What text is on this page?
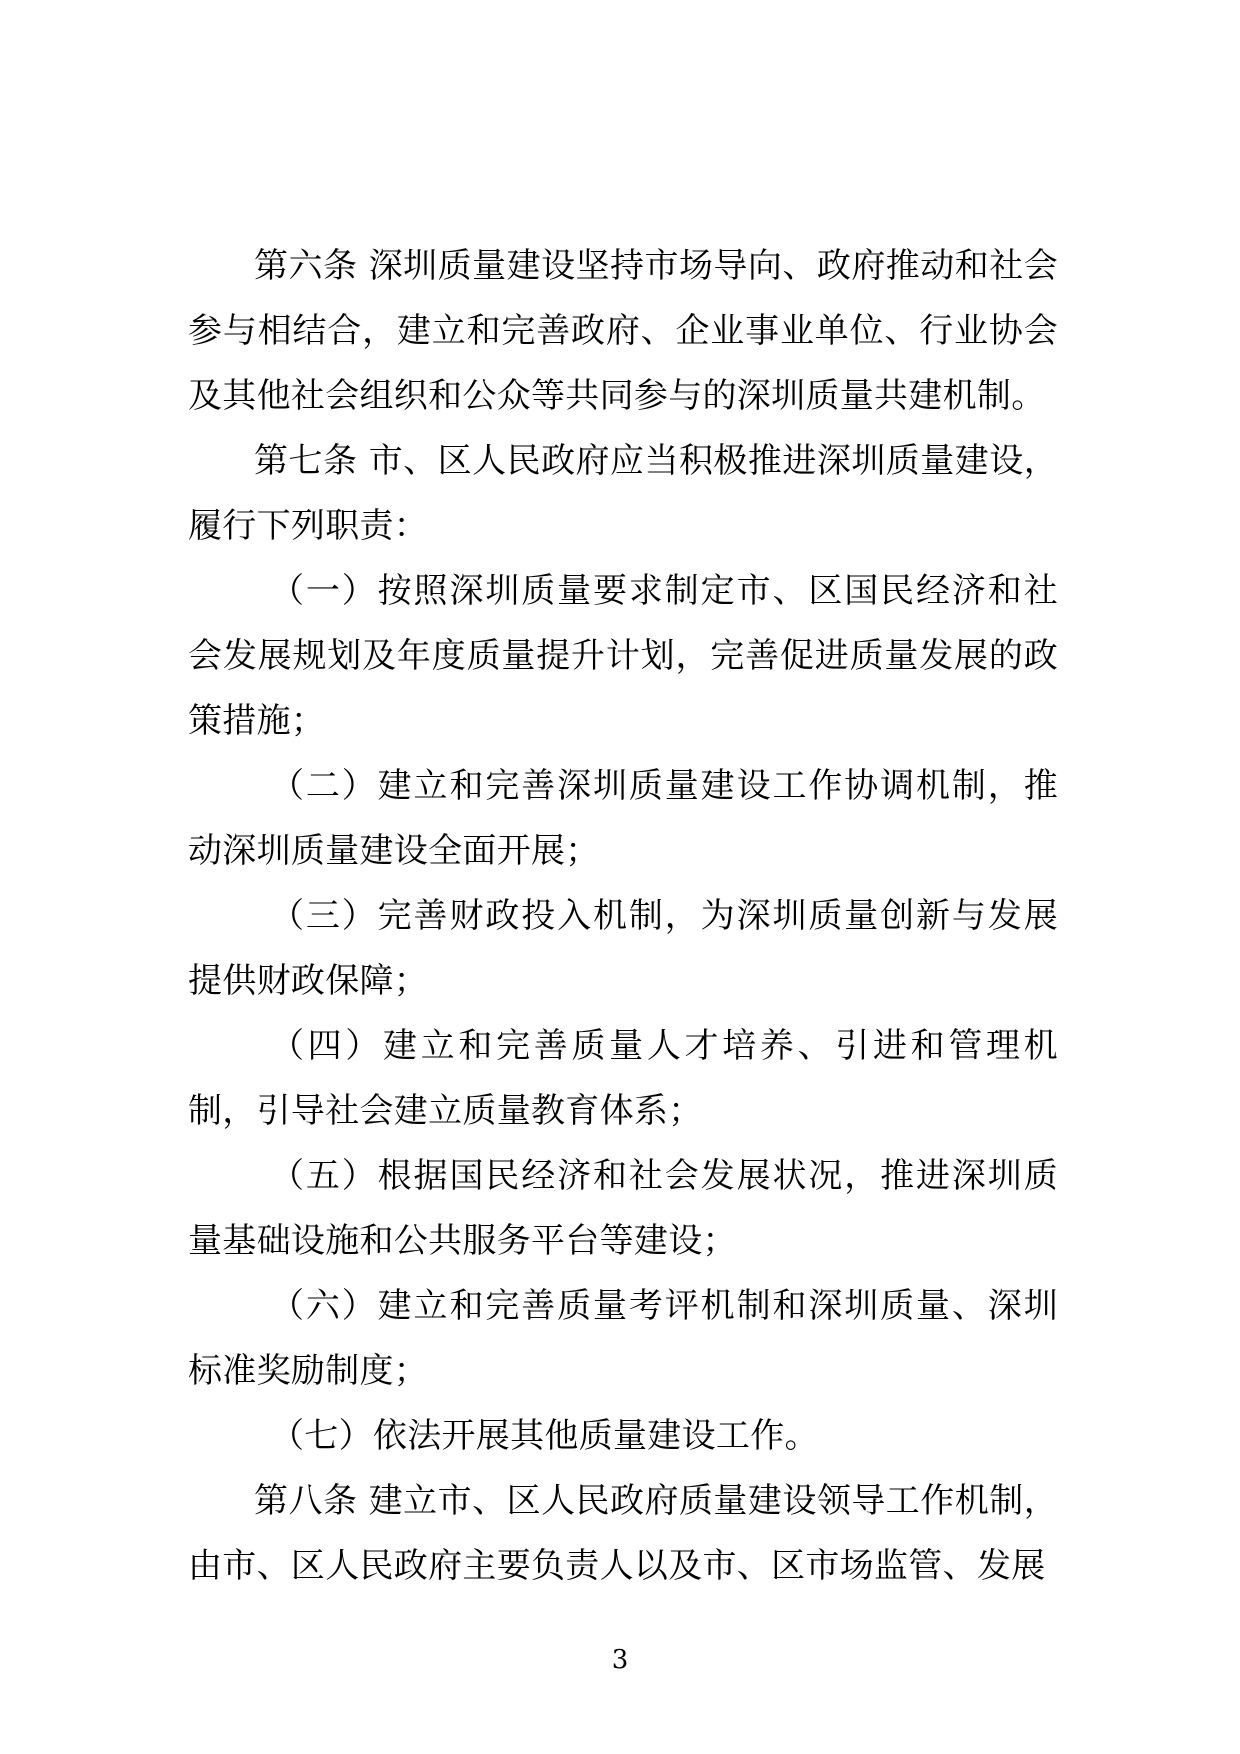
第六条 深圳质量建设坚持市场导向、政府推动和社会参与相结合，建立和完善政府、企业事业单位、行业协会及其他社会组织和公众等共同参与的深圳质量共建机制。

第七条 市、区人民政府应当积极推进深圳质量建设，履行下列职责：

（一）按照深圳质量要求制定市、区国民经济和社会发展规划及年度质量提升计划，完善促进质量发展的政策措施；

（二）建立和完善深圳质量建设工作协调机制，推动深圳质量建设全面开展；

（三）完善财政投入机制，为深圳质量创新与发展提供财政保障；

（四）建立和完善质量人才培养、引进和管理机制，引导社会建立质量教育体系；

（五）根据国民经济和社会发展状况，推进深圳质量基础设施和公共服务平台等建设；

（六）建立和完善质量考评机制和深圳质量、深圳标准奖励制度；

（七）依法开展其他质量建设工作。

第八条 建立市、区人民政府质量建设领导工作机制，由市、区人民政府主要负责人以及市、区市场监管、发展

3
